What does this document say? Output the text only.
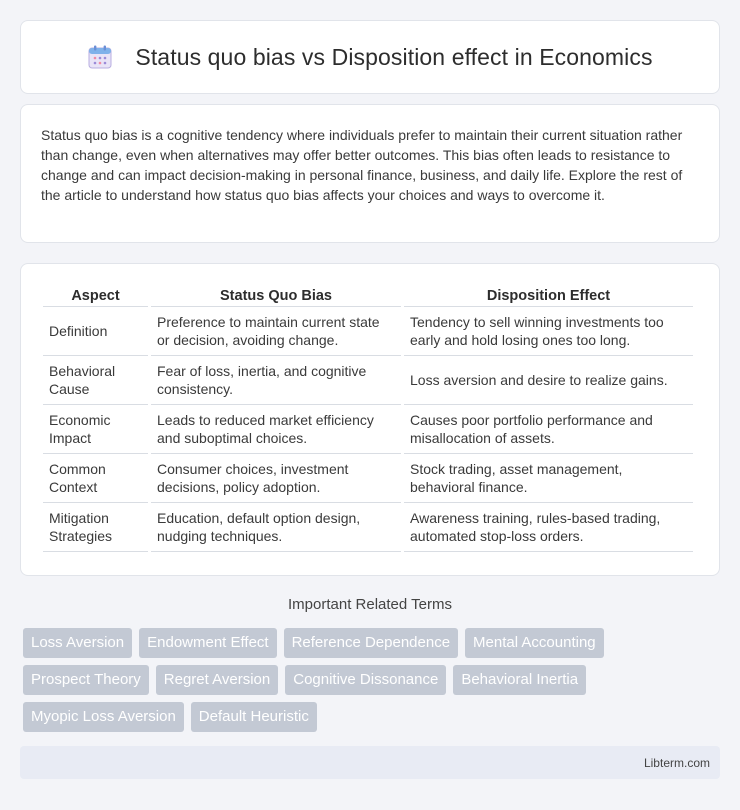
Status quo bias vs Disposition effect in Economics

Status quo bias is a cognitive tendency where individuals prefer to maintain their current situation rather than change, even when alternatives may offer better outcomes. This bias often leads to resistance to change and can impact decision-making in personal finance, business, and daily life. Explore the rest of the article to understand how status quo bias affects your choices and ways to overcome it.

Aspect	Status Quo Bias	Disposition Effect
Definition	Preference to maintain current state or decision, avoiding change.	Tendency to sell winning investments too early and hold losing ones too long.
Behavioral Cause	Fear of loss, inertia, and cognitive consistency.	Loss aversion and desire to realize gains.
Economic Impact	Leads to reduced market efficiency and suboptimal choices.	Causes poor portfolio performance and misallocation of assets.
Common Context	Consumer choices, investment decisions, policy adoption.	Stock trading, asset management, behavioral finance.
Mitigation Strategies	Education, default option design, nudging techniques.	Awareness training, rules-based trading, automated stop-loss orders.
Important Related Terms
Loss Aversion	Endowment Effect	Reference Dependence	Mental Accounting
Prospect Theory	Regret Aversion	Cognitive Dissonance	Behavioral Inertia
Myopic Loss Aversion	Default Heuristic
Libterm.com
